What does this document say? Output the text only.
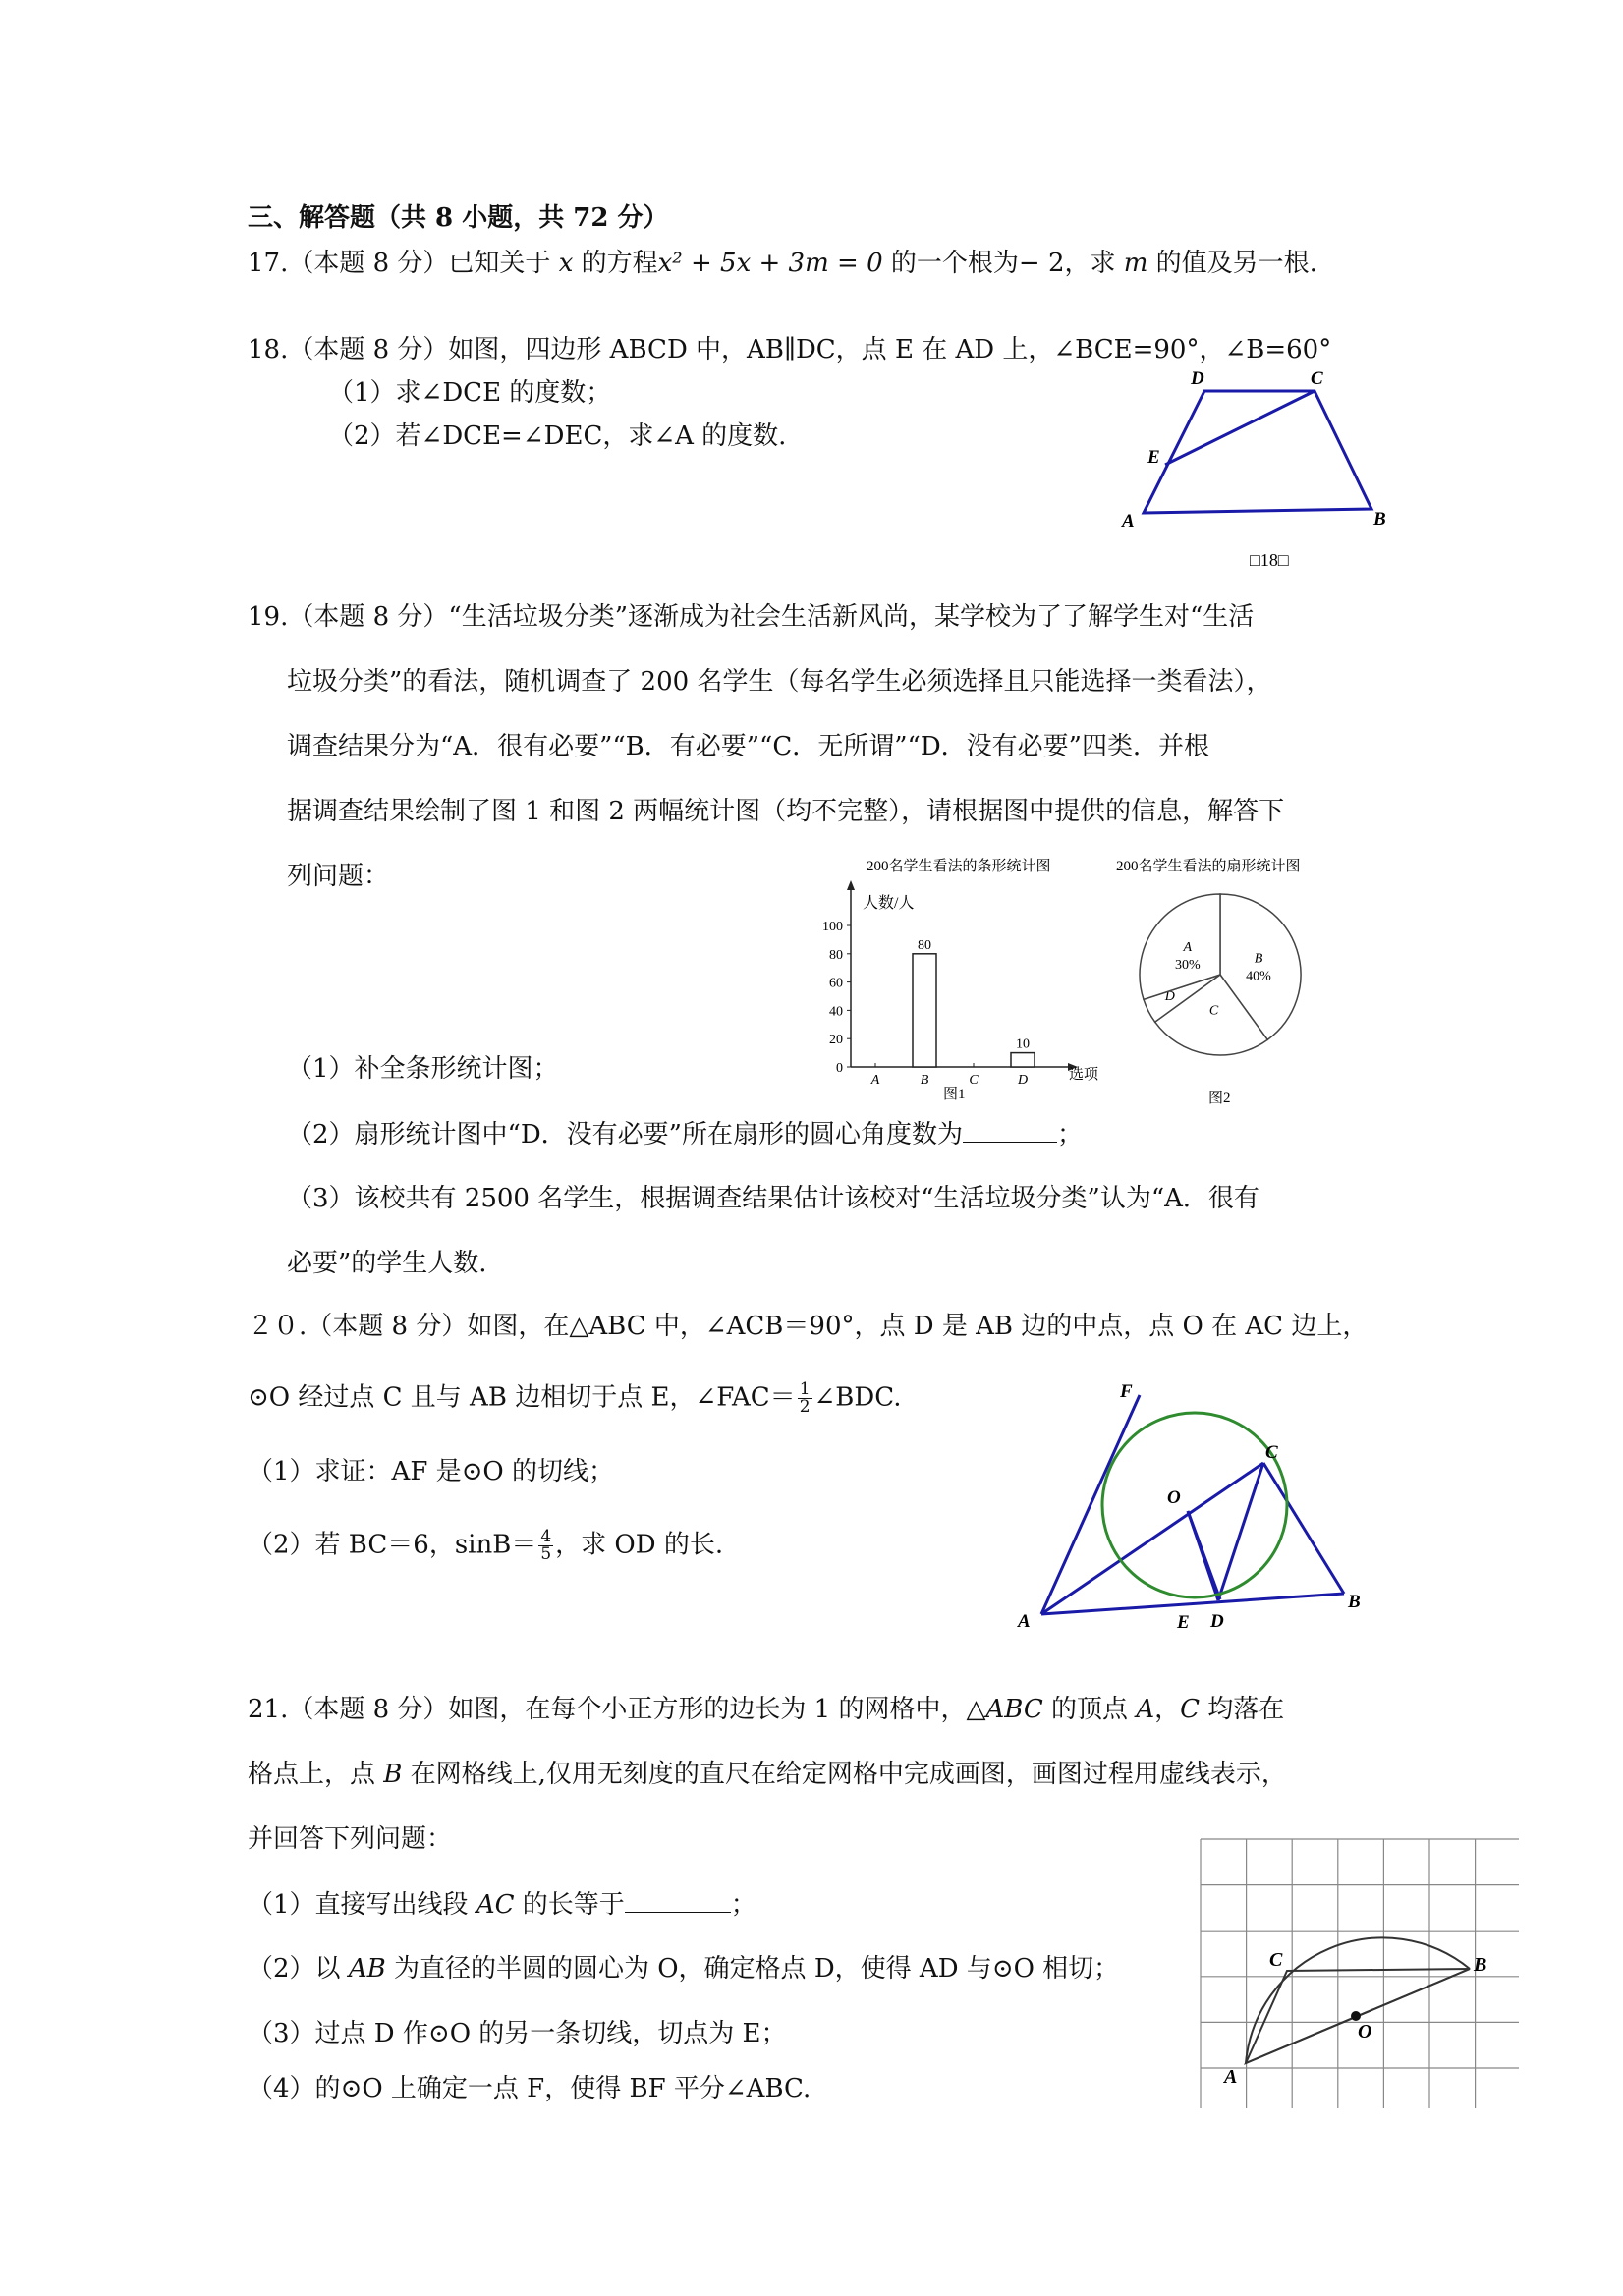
三、解答题（共 8 小题，共 72 分）
17.（本题 8 分）已知关于 x 的方程x² + 5x + 3m = 0 的一个根为− 2，求 m 的值及另一根.
18.（本题 8 分）如图，四边形 ABCD 中，AB∥DC，点 E 在 AD 上，∠BCE=90°，∠B=60°
（1）求∠DCE 的度数；
（2）若∠DCE=∠DEC，求∠A 的度数.
D	C
E
A	B
□18□
19.（本题 8 分）“生活垃圾分类”逐渐成为社会生活新风尚，某学校为了了解学生对“生活
垃圾分类”的看法，随机调查了 200 名学生（每名学生必须选择且只能选择一类看法），
调查结果分为“A．很有必要”“B．有必要”“C．无所谓”“D．没有必要”四类．并根
据调查结果绘制了图 1 和图 2 两幅统计图（均不完整），请根据图中提供的信息，解答下
列问题：	200名学生看法的条形统计图
0
20
40
60
80
100
A	B
80
C	D
10
人数/人
选项
图1
200名学生看法的扇形统计图
B
40%
C
D
A
30%
图2
（1）补全条形统计图；
（2）扇形统计图中“D．没有必要”所在扇形的圆心角度数为	；
（3）该校共有 2500 名学生，根据调查结果估计该校对“生活垃圾分类”认为“A．很有
必要”的学生人数.
２０.（本题 8 分）如图，在△ABC 中，∠ACB＝90°，点 D 是 AB 边的中点，点 O 在 AC 边上，
⊙O 经过点 C 且与 AB 边相切于点 E，∠FAC＝ $\frac{1}{2}$ ∠BDC.
（1）求证：AF 是⊙O 的切线；
（2）若 BC＝6，$\sin B= \frac{4}{5}$ ，求 OD 的长.
F
C
O
A	E D
B
21.（本题 8 分）如图，在每个小正方形的边长为 1 的网格中，△ABC 的顶点 A，C 均落在
格点上，点 B 在网格线上,仅用无刻度的直尺在给定网格中完成画图，画图过程用虚线表示，
并回答下列问题：
（1）直接写出线段 AC 的长等于	；
（2）以 AB 为直径的半圆的圆心为 O，确定格点 D，使得 AD 与⊙O 相切；
（3）过点 D 作⊙O 的另一条切线，切点为 E；
（4）的⊙O 上确定一点 F，使得 BF 平分∠ABC.
C	B
O
A
